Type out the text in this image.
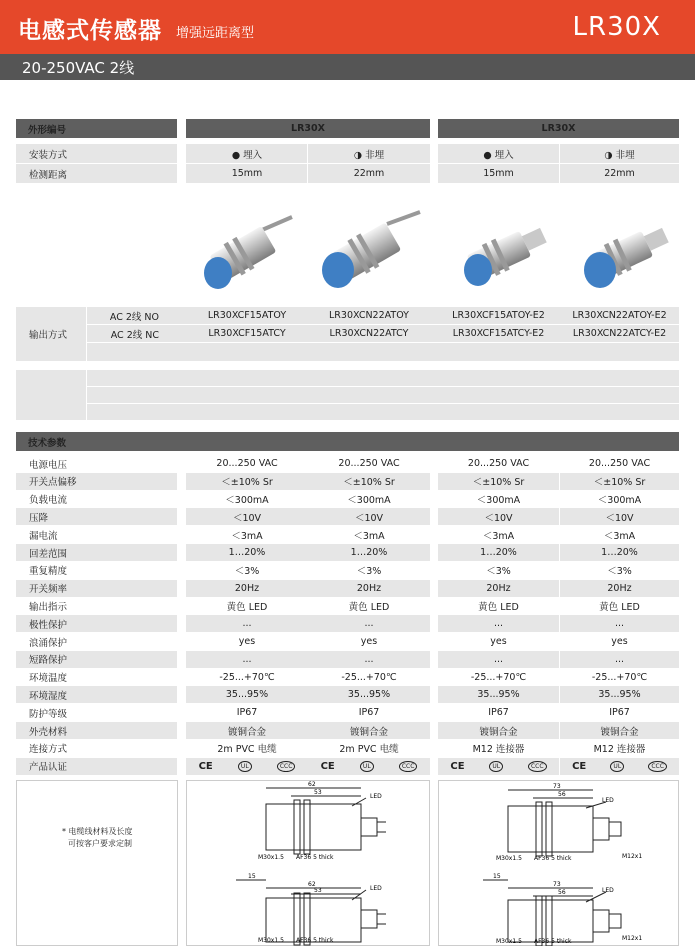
电感式传感器 增强远距离型	LR30X
20-250VAC 2线
外形编号	LR30X	LR30X
安装方式	● 埋入	◑ 非埋	● 埋入	◑ 非埋
检测距离	15mm	22mm	15mm	22mm
输出方式
AC 2线 NO	LR30XCF15ATOY	LR30XCN22ATOY	LR30XCF15ATOY-E2	LR30XCN22ATOY-E2
AC 2线 NC	LR30XCF15ATCY	LR30XCN22ATCY	LR30XCF15ATCY-E2	LR30XCN22ATCY-E2
技术参数
电源电压	20...250 VAC	20...250 VAC	20...250 VAC	20...250 VAC
开关点偏移	＜±10% Sr	＜±10% Sr	＜±10% Sr	＜±10% Sr
负载电流	＜300mA	＜300mA	＜300mA	＜300mA
压降	＜10V	＜10V	＜10V	＜10V
漏电流	＜3mA	＜3mA	＜3mA	＜3mA
回差范围	1…20%	1…20%	1…20%	1…20%
重复精度	＜3%	＜3%	＜3%	＜3%
开关频率	20Hz	20Hz	20Hz	20Hz
输出指示	黄色 LED	黄色 LED	黄色 LED	黄色 LED
极性保护	...	...	...	...
浪涌保护	yes	yes	yes	yes
短路保护	...	...	...	...
环境温度	-25...+70℃	-25...+70℃	-25...+70℃	-25...+70℃
环境湿度	35...95%	35...95%	35...95%	35...95%
防护等级	IP67	IP67	IP67	IP67
外壳材料	镀铜合金	镀铜合金	镀铜合金	镀铜合金
连接方式	2m PVC 电缆	2m PVC 电缆	M12 连接器	M12 连接器
产品认证	CE	UL	CCC	CE	UL	CCC	CE	UL	CCC	CE	UL	CCC
* 电缆线材料及长度
可按客户要求定制
62
53
LED
M30x1.5 AF36 5 thick
62
53
15
LED
M30x1.5 AF36 5 thick
73
56
LED
M30x1.5 AF36 5 thick	M12x1
73
56
15
LED
M30x1.5 AF36 5 thick	M12x1
